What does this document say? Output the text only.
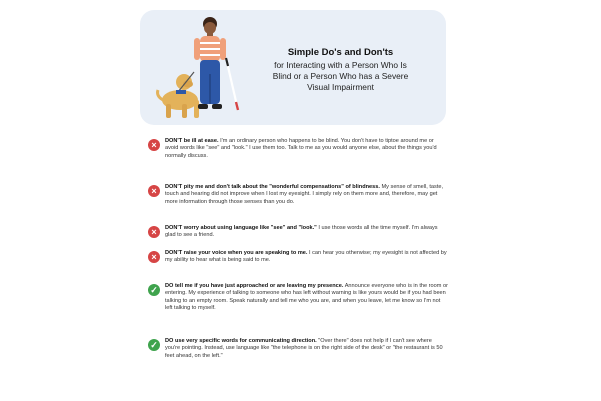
Simple Do's and Don'ts
for Interacting with a Person Who Is
Blind or a Person Who has a Severe
Visual Impairment
×	DON'T be ill at ease. I'm an ordinary person who happens to be blind. You don't have to tiptoe around me or avoid words like "see" and "look." I use them too. Talk to me as you would anyone else, about the things you'd normally discuss.
×	DON'T pity me and don't talk about the "wonderful compensations" of blindness. My sense of smell, taste, touch and hearing did not improve when I lost my eyesight. I simply rely on them more and, therefore, may get more information through those senses than you do.
×	DON'T worry about using language like "see" and "look." I use those words all the time myself. I'm always glad to see a friend.
×	DON'T raise your voice when you are speaking to me. I can hear you otherwise; my eyesight is not affected by my ability to hear what is being said to me.
✓	DO tell me if you have just approached or are leaving my presence. Announce everyone who is in the room or entering. My experience of talking to someone who has left without warning is like yours would be if you had been talking to an empty room. Speak naturally and tell me who you are, and when you leave, let me know so I'm not left talking to myself.
✓	DO use very specific words for communicating direction. "Over there" does not help if I can't see where you're pointing. Instead, use language like "the telephone is on the right side of the desk" or "the restaurant is 50 feet ahead, on the left."
